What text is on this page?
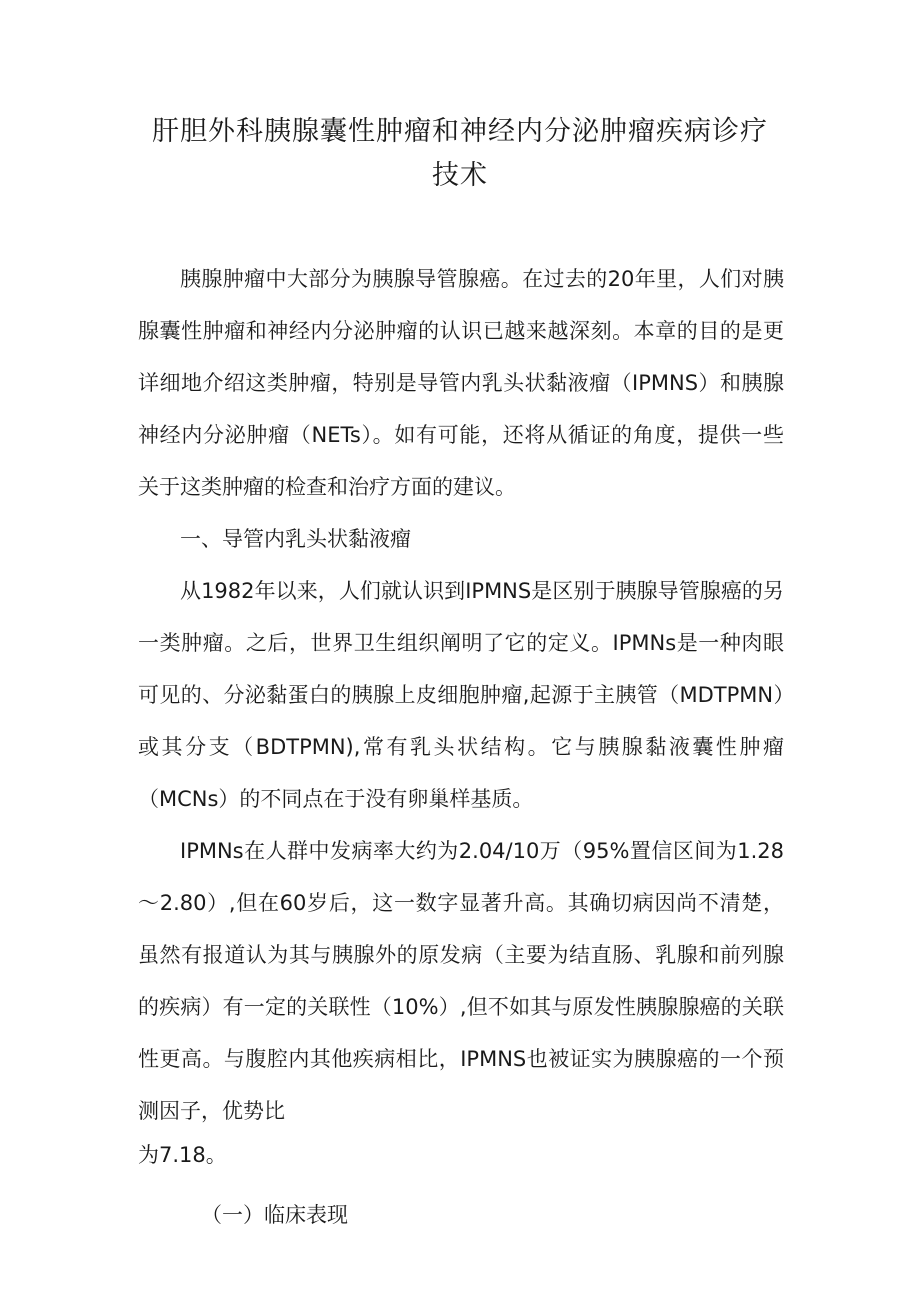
肝胆外科胰腺囊性肿瘤和神经内分泌肿瘤疾病诊疗
技术

胰腺肿瘤中大部分为胰腺导管腺癌。在过去的20年里，人们对胰腺囊性肿瘤和神经内分泌肿瘤的认识已越来越深刻。本章的目的是更详细地介绍这类肿瘤，特别是导管内乳头状黏液瘤（IPMNS）和胰腺神经内分泌肿瘤（NETs）。如有可能，还将从循证的角度，提供一些关于这类肿瘤的检查和治疗方面的建议。

一、导管内乳头状黏液瘤

从1982年以来，人们就认识到IPMNS是区别于胰腺导管腺癌的另一类肿瘤。之后，世界卫生组织阐明了它的定义。IPMNs是一种肉眼可见的、分泌黏蛋白的胰腺上皮细胞肿瘤,起源于主胰管（MDTPMN）或其分支（BDTPMN),常有乳头状结构。它与胰腺黏液囊性肿瘤（MCNs）的不同点在于没有卵巢样基质。

IPMNs在人群中发病率大约为2.04/10万（95%置信区间为1.28～2.80）,但在60岁后，这一数字显著升高。其确切病因尚不清楚，虽然有报道认为其与胰腺外的原发病（主要为结直肠、乳腺和前列腺的疾病）有一定的关联性（10%）,但不如其与原发性胰腺腺癌的关联性更高。与腹腔内其他疾病相比，IPMNS也被证实为胰腺癌的一个预测因子，优势比

为7.18。

（一）临床表现
